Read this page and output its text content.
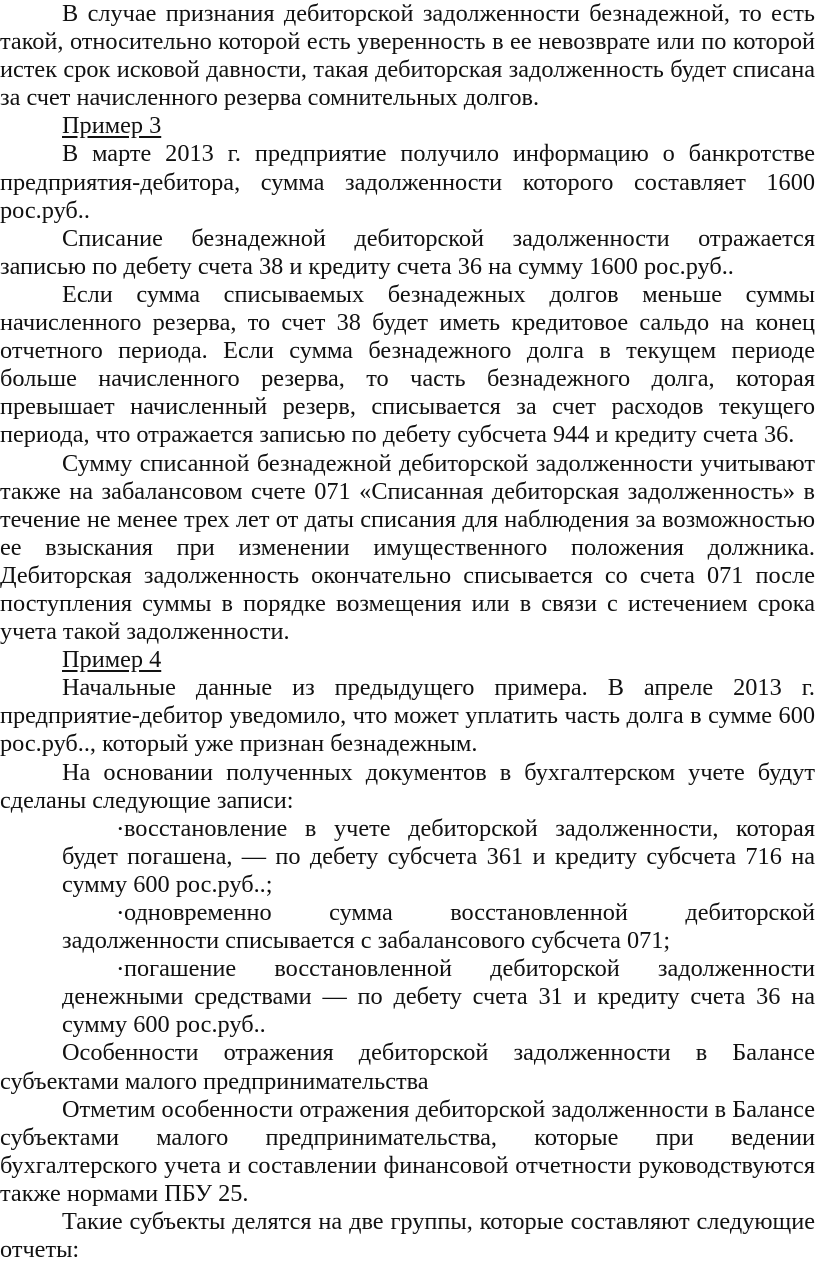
В случае признания дебиторской задолженности безнадежной, то есть такой, относительно которой есть уверенность в ее невозврате или по которой истек срок исковой давности, такая дебиторская задолженность будет списана за счет начисленного резерва сомнительных долгов.

Пример 3

В марте 2013 г. предприятие получило информацию о банкротстве предприятия-дебитора, сумма задолженности которого составляет 1600 рос.руб..

Списание безнадежной дебиторской задолженности отражается записью по дебету счета 38 и кредиту счета 36 на сумму 1600 рос.руб..

Если сумма списываемых безнадежных долгов меньше суммы начисленного резерва, то счет 38 будет иметь кредитовое сальдо на конец отчетного периода. Если сумма безнадежного долга в текущем периоде больше начисленного резерва, то часть безнадежного долга, которая превышает начисленный резерв, списывается за счет расходов текущего периода, что отражается записью по дебету субсчета 944 и кредиту счета 36.

Сумму списанной безнадежной дебиторской задолженности учитывают также на забалансовом счете 071 «Списанная дебиторская задолженность» в течение не менее трех лет от даты списания для наблюдения за возможностью ее взыскания при изменении имущественного положения должника. Дебиторская задолженность окончательно списывается со счета 071 после поступления суммы в порядке возмещения или в связи с истечением срока учета такой задолженности.

Пример 4

Начальные данные из предыдущего примера. В апреле 2013 г. предприятие-дебитор уведомило, что может уплатить часть долга в сумме 600 рос.руб.., который уже признан безнадежным.

На основании полученных документов в бухгалтерском учете будут сделаны следующие записи:

• восстановление в учете дебиторской задолженности, которая будет погашена, — по дебету субсчета 361 и кредиту субсчета 716 на сумму 600 рос.руб..;
• одновременно сумма восстановленной дебиторской задолженности списывается с забалансового субсчета 071;
• погашение восстановленной дебиторской задолженности денежными средствами — по дебету счета 31 и кредиту счета 36 на сумму 600 рос.руб..

Особенности отражения дебиторской задолженности в Балансе субъектами малого предпринимательства

Отметим особенности отражения дебиторской задолженности в Балансе субъектами малого предпринимательства, которые при ведении бухгалтерского учета и составлении финансовой отчетности руководствуются также нормами ПБУ 25.

Такие субъекты делятся на две группы, которые составляют следующие отчеты:
